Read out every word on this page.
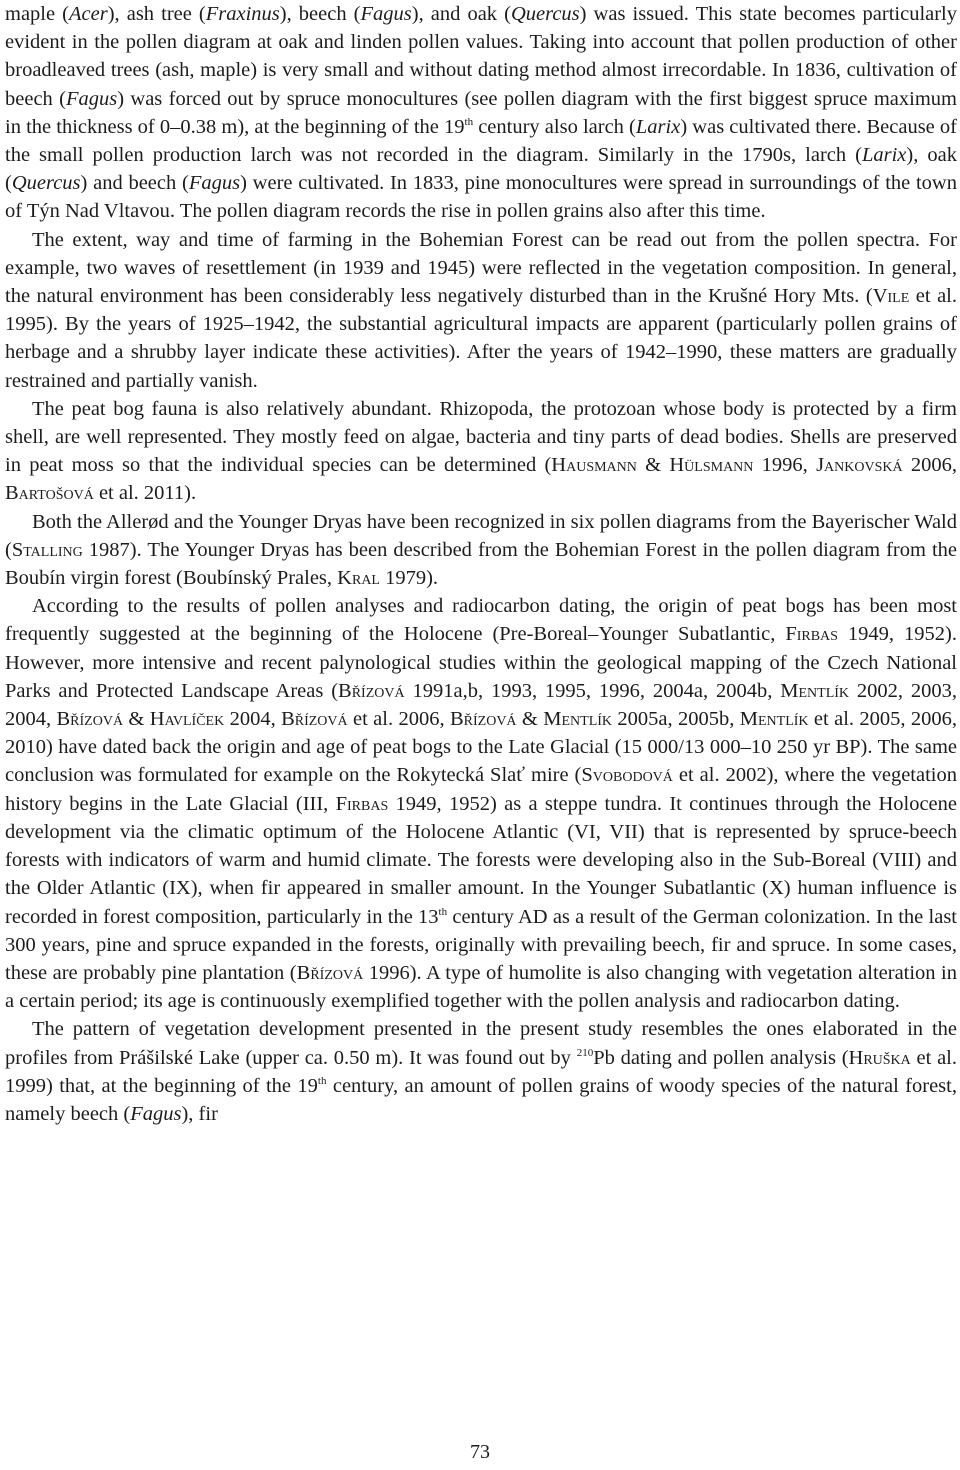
maple (Acer), ash tree (Fraxinus), beech (Fagus), and oak (Quercus) was issued. This state becomes particularly evident in the pollen diagram at oak and linden pollen values. Taking into account that pollen production of other broadleaved trees (ash, maple) is very small and without dating method almost irrecordable. In 1836, cultivation of beech (Fagus) was forced out by spruce monocultures (see pollen diagram with the first biggest spruce maximum in the thickness of 0–0.38 m), at the beginning of the 19th century also larch (Larix) was cultivated there. Because of the small pollen production larch was not recorded in the diagram. Similarly in the 1790s, larch (Larix), oak (Quercus) and beech (Fagus) were cultivated. In 1833, pine monocultures were spread in surroundings of the town of Týn Nad Vltavou. The pollen diagram records the rise in pollen grains also after this time.

The extent, way and time of farming in the Bohemian Forest can be read out from the pollen spectra. For example, two waves of resettlement (in 1939 and 1945) were reflected in the vegetation composition. In general, the natural environment has been considerably less negatively disturbed than in the Krušné Hory Mts. (Vile et al. 1995). By the years of 1925–1942, the substantial agricultural impacts are apparent (particularly pollen grains of herbage and a shrubby layer indicate these activities). After the years of 1942–1990, these matters are gradually restrained and partially vanish.

The peat bog fauna is also relatively abundant. Rhizopoda, the protozoan whose body is protected by a firm shell, are well represented. They mostly feed on algae, bacteria and tiny parts of dead bodies. Shells are preserved in peat moss so that the individual species can be determined (Hausmann & Hülsmann 1996, Jankovská 2006, Bartošová et al. 2011).

Both the Allerød and the Younger Dryas have been recognized in six pollen diagrams from the Bayerischer Wald (Stalling 1987). The Younger Dryas has been described from the Bohemian Forest in the pollen diagram from the Boubín virgin forest (Boubínský Prales, Kral 1979).

According to the results of pollen analyses and radiocarbon dating, the origin of peat bogs has been most frequently suggested at the beginning of the Holocene (Pre-Boreal–Younger Subatlantic, Firbas 1949, 1952). However, more intensive and recent palynological studies within the geological mapping of the Czech National Parks and Protected Landscape Areas (Břízová 1991a,b, 1993, 1995, 1996, 2004a, 2004b, Mentlík 2002, 2003, 2004, Břízová & Havlíček 2004, Břízová et al. 2006, Břízová & Mentlík 2005a, 2005b, Mentlík et al. 2005, 2006, 2010) have dated back the origin and age of peat bogs to the Late Glacial (15 000/13 000–10 250 yr BP). The same conclusion was formulated for example on the Rokytecká Slať mire (Svobodová et al. 2002), where the vegetation history begins in the Late Glacial (III, Firbas 1949, 1952) as a steppe tundra. It continues through the Holocene development via the climatic optimum of the Holocene Atlantic (VI, VII) that is represented by spruce-beech forests with indicators of warm and humid climate. The forests were developing also in the Sub-Boreal (VIII) and the Older Atlantic (IX), when fir appeared in smaller amount. In the Younger Subatlantic (X) human influence is recorded in forest composition, particularly in the 13th century AD as a result of the German colonization. In the last 300 years, pine and spruce expanded in the forests, originally with prevailing beech, fir and spruce. In some cases, these are probably pine plantation (Břízová 1996). A type of humolite is also changing with vegetation alteration in a certain period; its age is continuously exemplified together with the pollen analysis and radiocarbon dating.

The pattern of vegetation development presented in the present study resembles the ones elaborated in the profiles from Prášilské Lake (upper ca. 0.50 m). It was found out by $^{210}$Pb dating and pollen analysis (Hruška et al. 1999) that, at the beginning of the 19th century, an amount of pollen grains of woody species of the natural forest, namely beech (Fagus), fir

73
